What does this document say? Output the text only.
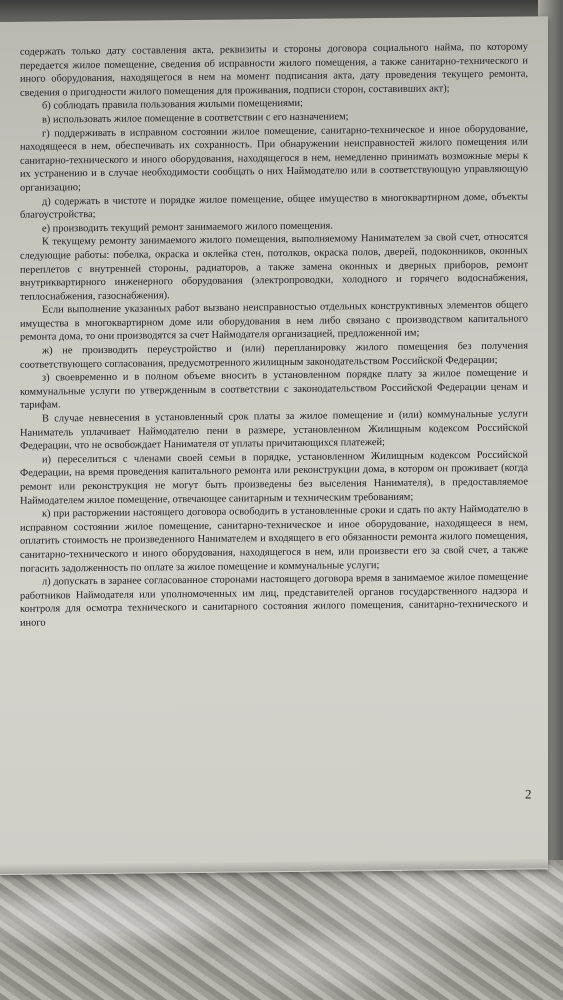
содержать только дату составления акта, реквизиты и стороны договора социального найма, по которому передается жилое помещение, сведения об исправности жилого помещения, а также санитарно-технического и иного оборудования, находящегося в нем на момент подписания акта, дату проведения текущего ремонта, сведения о пригодности жилого помещения для проживания, подписи сторон, составивших акт);

б) соблюдать правила пользования жилыми помещениями;

в) использовать жилое помещение в соответствии с его назначением;

г) поддерживать в исправном состоянии жилое помещение, санитарно-техническое и иное оборудование, находящееся в нем, обеспечивать их сохранность. При обнаружении неисправностей жилого помещения или санитарно-технического и иного оборудования, находящегося в нем, немедленно принимать возможные меры к их устранению и в случае необходимости сообщать о них Наймодателю или в соответствующую управляющую организацию;

д) содержать в чистоте и порядке жилое помещение, общее имущество в многоквартирном доме, объекты благоустройства;

е) производить текущий ремонт занимаемого жилого помещения.

К текущему ремонту занимаемого жилого помещения, выполняемому Нанимателем за свой счет, относятся следующие работы: побелка, окраска и оклейка стен, потолков, окраска полов, дверей, подоконников, оконных переплетов с внутренней стороны, радиаторов, а также замена оконных и дверных приборов, ремонт внутриквартирного инженерного оборудования (электропроводки, холодного и горячего водоснабжения, теплоснабжения, газоснабжения).

Если выполнение указанных работ вызвано неисправностью отдельных конструктивных элементов общего имущества в многоквартирном доме или оборудования в нем либо связано с производством капитального ремонта дома, то они производятся за счет Наймодателя организацией, предложенной им;

ж) не производить переустройство и (или) перепланировку жилого помещения без получения соответствующего согласования, предусмотренного жилищным законодательством Российской Федерации;

з) своевременно и в полном объеме вносить в установленном порядке плату за жилое помещение и коммунальные услуги по утвержденным в соответствии с законодательством Российской Федерации ценам и тарифам.

В случае невнесения в установленный срок платы за жилое помещение и (или) коммунальные услуги Наниматель уплачивает Наймодателю пени в размере, установленном Жилищным кодексом Российской Федерации, что не освобождает Нанимателя от уплаты причитающихся платежей;

и) переселиться с членами своей семьи в порядке, установленном Жилищным кодексом Российской Федерации, на время проведения капитального ремонта или реконструкции дома, в котором он проживает (когда ремонт или реконструкция не могут быть произведены без выселения Нанимателя), в предоставляемое Наймодателем жилое помещение, отвечающее санитарным и техническим требованиям;

к) при расторжении настоящего договора освободить в установленные сроки и сдать по акту Наймодателю в исправном состоянии жилое помещение, санитарно-техническое и иное оборудование, находящееся в нем, оплатить стоимость не произведенного Нанимателем и входящего в его обязанности ремонта жилого помещения, санитарно-технического и иного оборудования, находящегося в нем, или произвести его за свой счет, а также погасить задолженность по оплате за жилое помещение и коммунальные услуги;

л) допускать в заранее согласованное сторонами настоящего договора время в занимаемое жилое помещение работников Наймодателя или уполномоченных им лиц, представителей органов государственного надзора и контроля для осмотра технического и санитарного состояния жилого помещения, санитарно-технического и иного

2
